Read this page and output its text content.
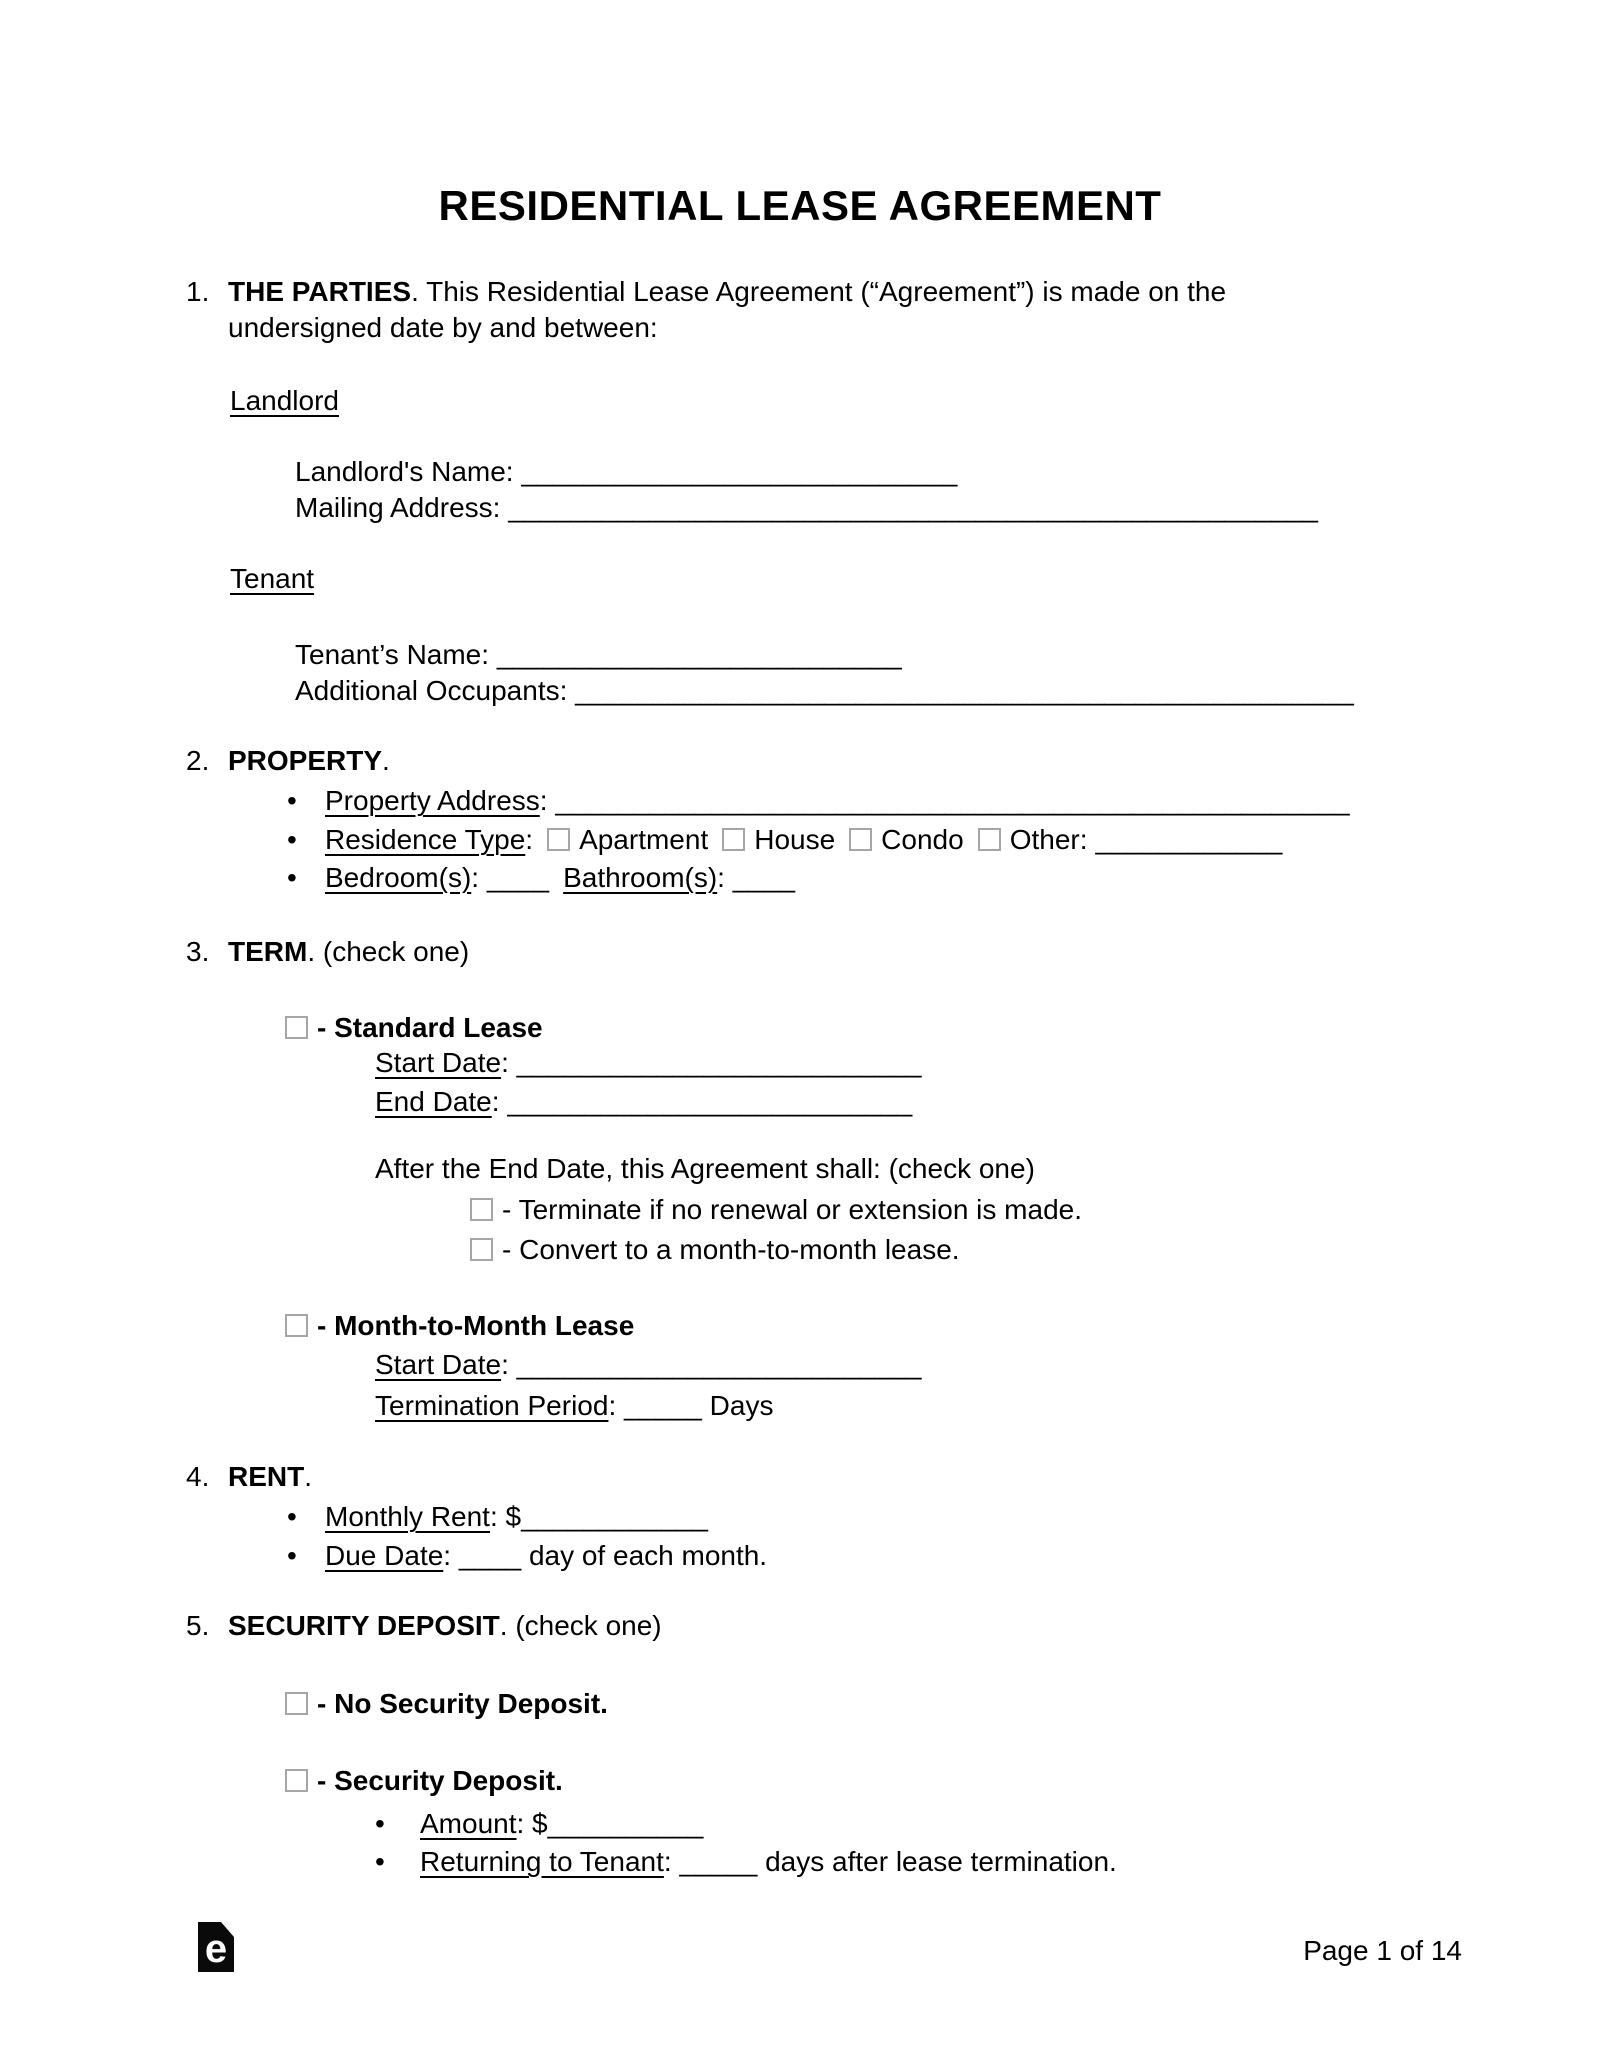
RESIDENTIAL LEASE AGREEMENT
1. THE PARTIES. This Residential Lease Agreement (“Agreement”) is made on the
undersigned date by and between:
Landlord
Landlord's Name: ____________________________
Mailing Address: ____________________________________________________
Tenant
Tenant’s Name: __________________________
Additional Occupants: __________________________________________________
2. PROPERTY.
• Property Address: ___________________________________________________
• Residence Type: Apartment House Condo Other: ____________
• Bedroom(s): ____ Bathroom(s): ____
3. TERM. (check one)
- Standard Lease
Start Date: __________________________
End Date: __________________________
After the End Date, this Agreement shall: (check one)
- Terminate if no renewal or extension is made.
- Convert to a month-to-month lease.
- Month-to-Month Lease
Start Date: __________________________
Termination Period: _____ Days
4. RENT.
• Monthly Rent: $____________
• Due Date: ____ day of each month.
5. SECURITY DEPOSIT. (check one)
- No Security Deposit.
- Security Deposit.
• Amount: $__________
• Returning to Tenant: _____ days after lease termination.
e	Page 1 of 14
